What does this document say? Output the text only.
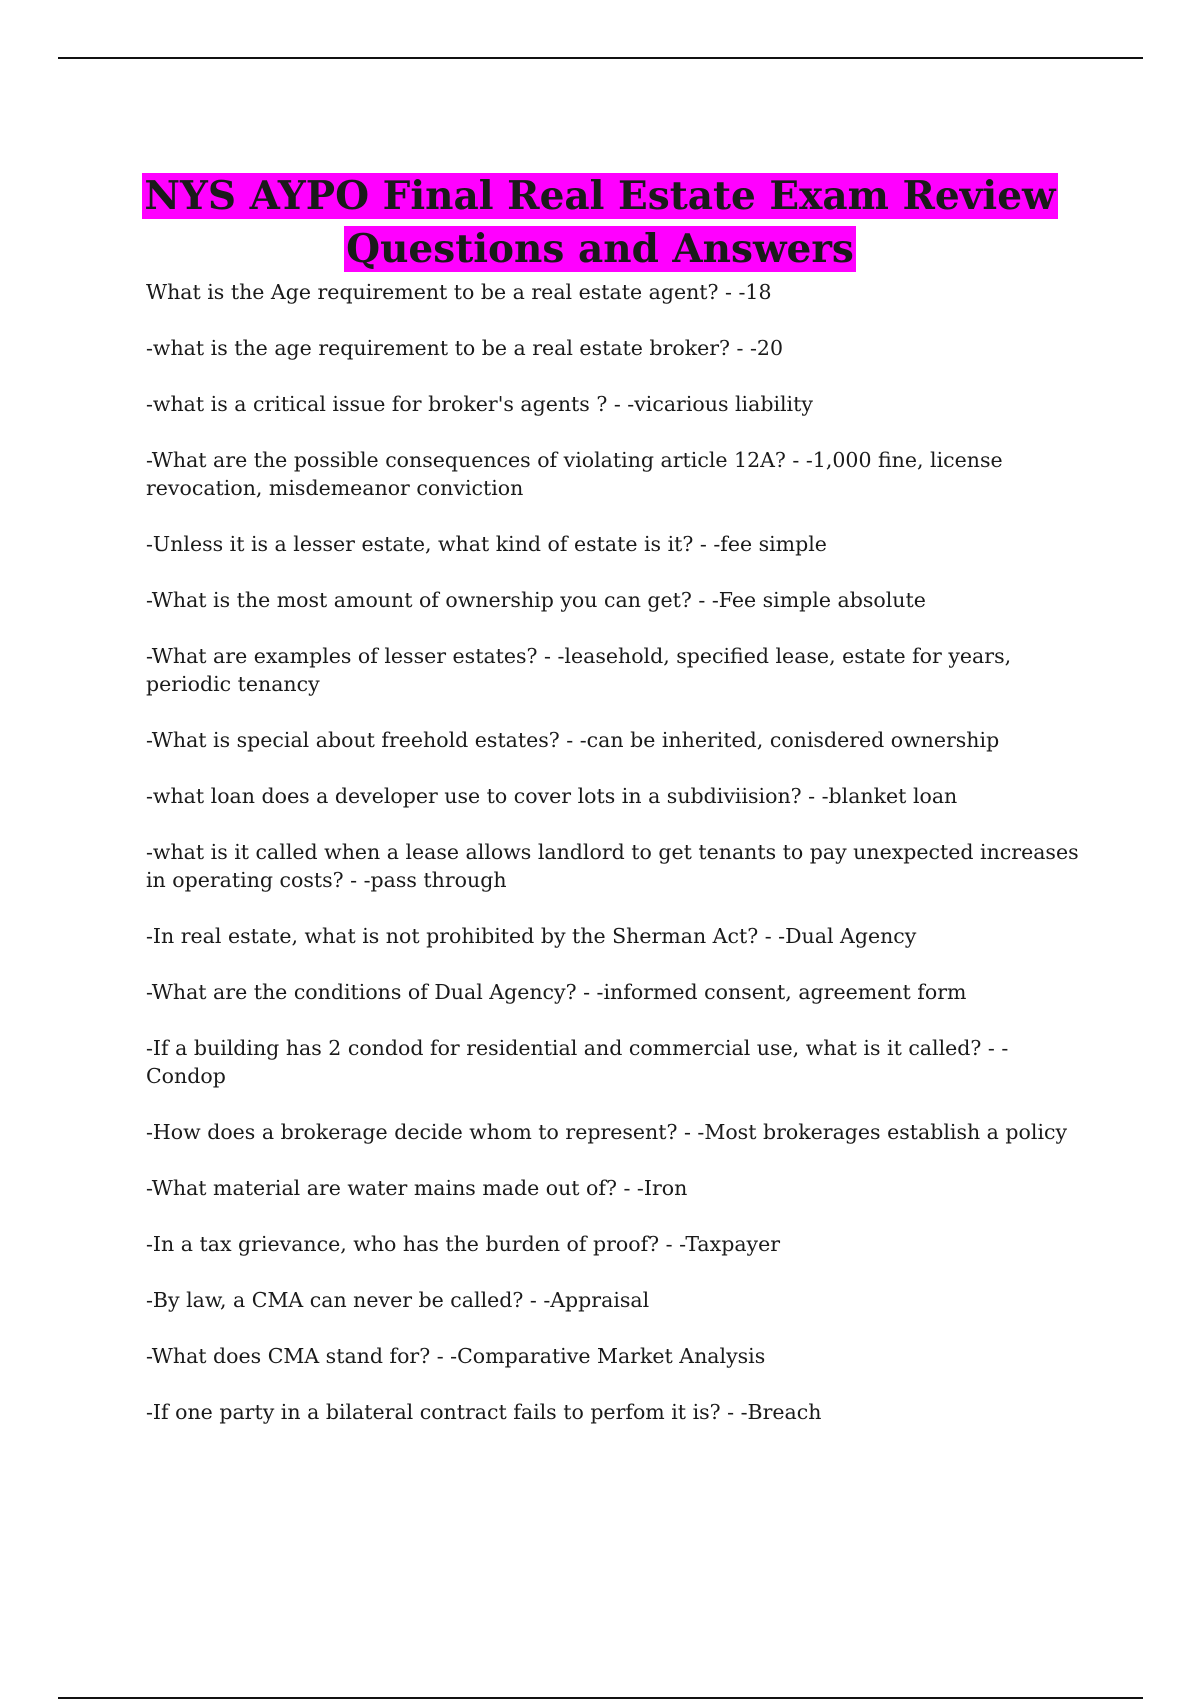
NYS AYPO Final Real Estate Exam Review
Questions and Answers
What is the Age requirement to be a real estate agent? - -18
-what is the age requirement to be a real estate broker? - -20
-what is a critical issue for broker's agents ? - -vicarious liability
-What are the possible consequences of violating article 12A? - -1,000 fine, license revocation, misdemeanor conviction
-Unless it is a lesser estate, what kind of estate is it? - -fee simple
-What is the most amount of ownership you can get? - -Fee simple absolute
-What are examples of lesser estates? - -leasehold, specified lease, estate for years, periodic tenancy
-What is special about freehold estates? - -can be inherited, conisdered ownership
-what loan does a developer use to cover lots in a subdiviision? - -blanket loan
-what is it called when a lease allows landlord to get tenants to pay unexpected increases in operating costs? - -pass through
-In real estate, what is not prohibited by the Sherman Act? - -Dual Agency
-What are the conditions of Dual Agency? - -informed consent, agreement form
-If a building has 2 condod for residential and commercial use, what is it called? - -Condop
-How does a brokerage decide whom to represent? - -Most brokerages establish a policy
-What material are water mains made out of? - -Iron
-In a tax grievance, who has the burden of proof? - -Taxpayer
-By law, a CMA can never be called? - -Appraisal
-What does CMA stand for? - -Comparative Market Analysis
-If one party in a bilateral contract fails to perfom it is? - -Breach
